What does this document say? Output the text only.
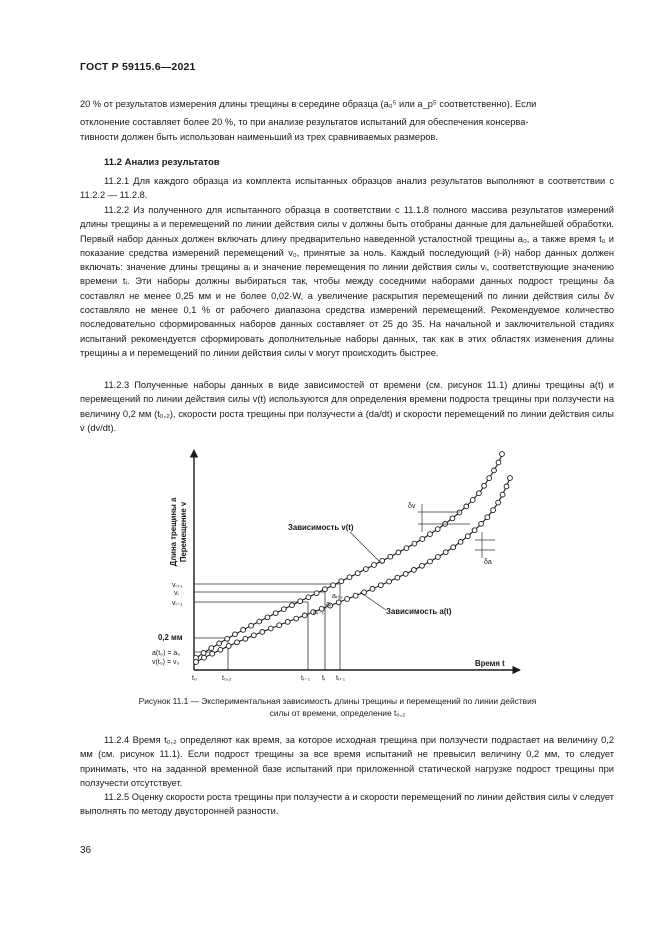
ГОСТ Р 59115.6—2021
20 % от результатов измерения длины трещины в середине образца (a₀⁵ или a_p⁵ соответственно). Если
отклонение составляет более 20 %, то при анализе результатов испытаний для обеспечения консерва-
тивности должен быть использован наименьший из трех сравниваемых размеров.
11.2 Анализ результатов
11.2.1 Для каждого образца из комплекта испытанных образцов анализ результатов выполняют в соответствии с 11.2.2 — 11.2.8.
11.2.2 Из полученного для испытанного образца в соответствии с 11.1.8 полного массива результатов измерений длины трещины a и перемещений по линии действия силы v должны быть отобраны данные для дальнейшей обработки. Первый набор данных должен включать длину предварительно наведенной усталостной трещины a₀, а также время t₀ и показание средства измерений перемещений v₀, принятые за ноль. Каждый последующий (i-й) набор данных должен включать: значение длины трещины aᵢ и значение перемещения по линии действия силы vᵢ, соответствующие значению времени tᵢ. Эти наборы должны выбираться так, чтобы между соседними наборами данных подрост трещины δa составлял не менее 0,25 мм и не более 0,02·W, а увеличение раскрытия перемещений по линии действия силы δv составляло не менее 0,1 % от рабочего диапазона средства измерений перемещений. Рекомендуемое количество последовательно сформированных наборов данных составляет от 25 до 35. На начальной и заключительной стадиях испытаний рекомендуется сформировать дополнительные наборы данных, так как в этих областях изменения длины трещины a и перемещений по линии действия силы v могут происходить быстрее.
11.2.3 Полученные наборы данных в виде зависимостей от времени (см. рисунок 11.1) длины трещины a(t) и перемещений по линии действия силы v(t) используются для определения времени подроста трещины при ползучести на величину 0,2 мм (t₀,₂), скорости роста трещины при ползучести ȧ (da/dt) и скорости перемещений по линии действия силы v̇ (dv/dt).
Длина трещины a Перемещение v
Время t
δv
δa
Зависимость v(t)
Зависимость a(t)
vᵢ₊₁
vᵢ
vᵢ₋₁
0,2 мм
a(t₀) = a₀
v(t₀) = v₀
aᵢ₊₁
aᵢ
aᵢ₋₁
t₀	t₀,₂	tᵢ₋₁ tᵢ tᵢ₊₁
Рисунок 11.1 — Экспериментальная зависимость длины трещины и перемещений по линии действия
силы от времени, определение t₀,₂
11.2.4 Время t₀,₂ определяют как время, за которое исходная трещина при ползучести подрастает на величину 0,2 мм (см. рисунок 11.1). Если подрост трещины за все время испытаний не превысил величину 0,2 мм, то следует принимать, что на заданной временной базе испытаний при приложенной статической нагрузке подрост трещины при ползучести отсутствует.
11.2.5 Оценку скорости роста трещины при ползучести ȧ и скорости перемещений по линии действия силы v̇ следует выполнять по методу двусторонней разности.
36
